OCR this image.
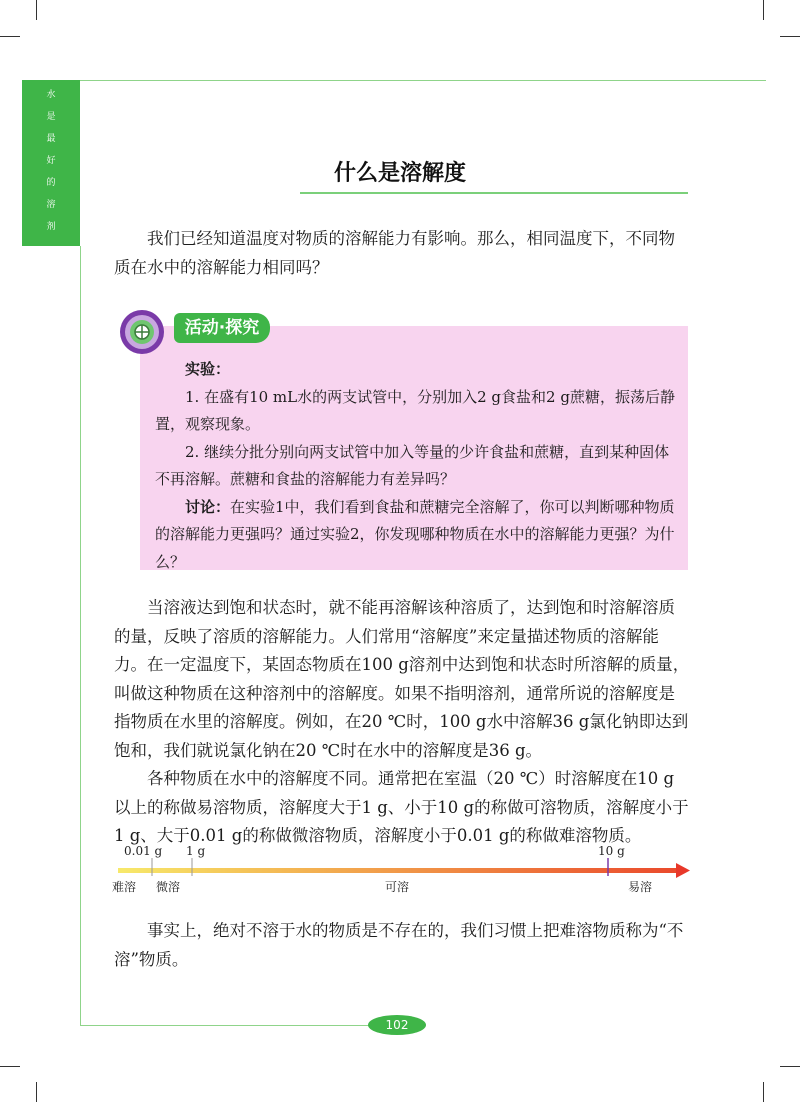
水
是
最
好
的
溶
剂
什么是溶解度

我们已经知道温度对物质的溶解能力有影响。那么，相同温度下，不同物质在水中的溶解能力相同吗？

活动·探究

实验：

1. 在盛有10 mL水的两支试管中，分别加入2 g食盐和2 g蔗糖，振荡后静置，观察现象。

2. 继续分批分别向两支试管中加入等量的少许食盐和蔗糖，直到某种固体不再溶解。蔗糖和食盐的溶解能力有差异吗？

讨论：在实验1中，我们看到食盐和蔗糖完全溶解了，你可以判断哪种物质的溶解能力更强吗？通过实验2，你发现哪种物质在水中的溶解能力更强？为什么？

当溶液达到饱和状态时，就不能再溶解该种溶质了，达到饱和时溶解溶质的量，反映了溶质的溶解能力。人们常用“溶解度”来定量描述物质的溶解能力。在一定温度下，某固态物质在100 g溶剂中达到饱和状态时所溶解的质量，叫做这种物质在这种溶剂中的溶解度。如果不指明溶剂，通常所说的溶解度是指物质在水里的溶解度。例如，在20 ℃时，100 g水中溶解36 g氯化钠即达到饱和，我们就说氯化钠在20 ℃时在水中的溶解度是36 g。

各种物质在水中的溶解度不同。通常把在室温（20 ℃）时溶解度在10 g以上的称做易溶物质，溶解度大于1 g、小于10 g的称做可溶物质，溶解度小于1 g、大于0.01 g的称做微溶物质，溶解度小于0.01 g的称做难溶物质。

0.01 g 1 g	10 g
难溶 微溶	可溶	易溶

事实上，绝对不溶于水的物质是不存在的，我们习惯上把难溶物质称为“不溶”物质。

102
